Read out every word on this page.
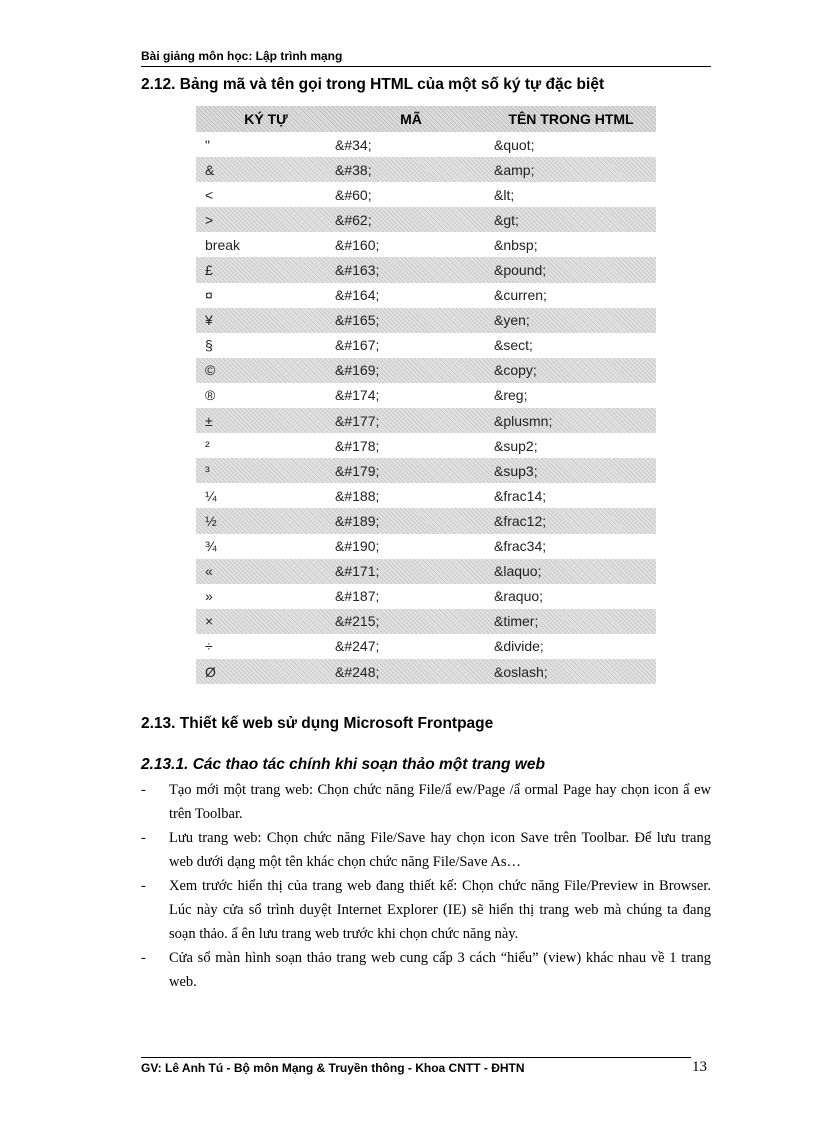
Bài giảng môn học: Lập trình mạng
2.12. Bảng mã và tên gọi trong HTML của một số ký tự đặc biệt
KÝ TỰ	MÃ	TÊN TRONG HTML
"	&#34;	&quot;
&	&#38;	&amp;
<	&#60;	&lt;
>	&#62;	&gt;
break	&#160;	&nbsp;
£	&#163;	&pound;
¤	&#164;	&curren;
¥	&#165;	&yen;
§	&#167;	&sect;
©	&#169;	&copy;
®	&#174;	&reg;
±	&#177;	&plusmn;
²	&#178;	&sup2;
³	&#179;	&sup3;
¼	&#188;	&frac14;
½	&#189;	&frac12;
¾	&#190;	&frac34;
«	&#171;	&laquo;
»	&#187;	&raquo;
×	&#215;	&timer;
÷	&#247;	&divide;
Ø	&#248;	&oslash;
2.13. Thiết kế web sử dụng Microsoft Frontpage
2.13.1. Các thao tác chính khi soạn thảo một trang web
-	Tạo mới một trang web: Chọn chức năng File/ẩ ew/Page /ẩ ormal Page hay chọn icon ẩ ew trên Toolbar.
-	Lưu trang web: Chọn chức năng File/Save hay chọn icon Save trên Toolbar. Để lưu trang web dưới dạng một tên khác chọn chức năng File/Save As…
-	Xem trước hiển thị của trang web đang thiết kế: Chọn chức năng File/Preview in Browser. Lúc này cửa sổ trình duyệt Internet Explorer (IE) sẽ hiển thị trang web mà chúng ta đang soạn thảo. ẩ ên lưu trang web trước khi chọn chức năng này.
-	Cửa sổ màn hình soạn thảo trang web cung cấp 3 cách “hiểu” (view) khác nhau về 1 trang web.
GV: Lê Anh Tú - Bộ môn Mạng & Truyền thông - Khoa CNTT - ĐHTN	13
